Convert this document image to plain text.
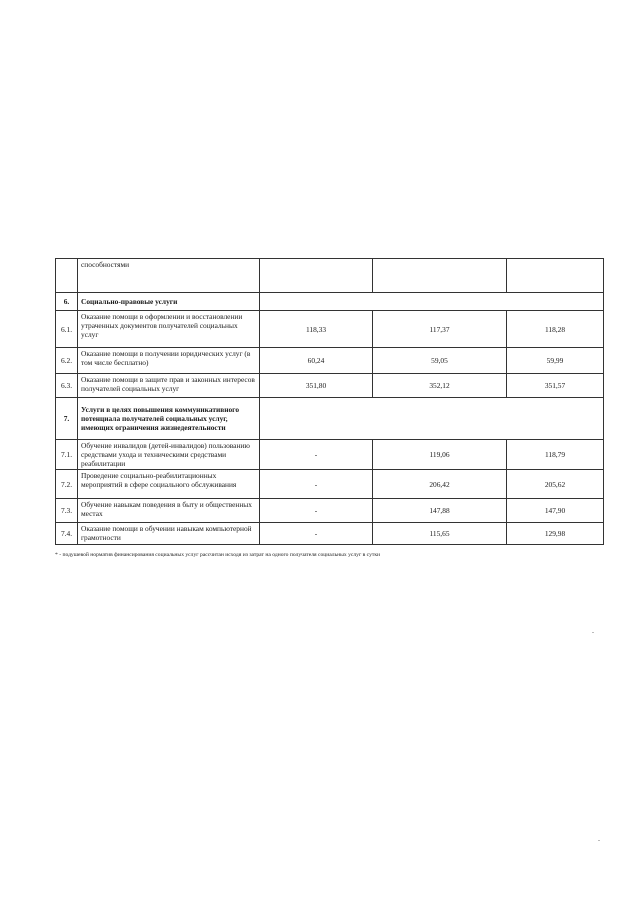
	способностями			
6.	Социально-правовые услуги			
6.1.	Оказание помощи в оформлении и восстановлении утраченных документов получателей социальных услуг	118,33	117,37	118,28
6.2.	Оказание помощи в получении юридических услуг (в том числе бесплатно)	60,24	59,05	59,99
6.3.	Оказание помощи в защите прав и законных интересов получателей социальных услуг	351,80	352,12	351,57
7.	Услуги в целях повышения коммуникативного потенциала получателей социальных услуг, имеющих ограничения жизнедеятельности			
7.1.	Обучение инвалидов (детей-инвалидов) пользованию средствами ухода и техническими средствами реабилитации	-	119,06	118,79
7.2.	Проведение социально-реабилитационных мероприятий в сфере социального обслуживания	-	206,42	205,62
7.3.	Обучение навыкам поведения в быту и общественных местах	-	147,88	147,90
7.4.	Оказание помощи в обучении навыкам компьютерной грамотности	-	115,65	129,98
* - подушевой норматив финансирования социальных услуг рассчитан исходя из затрат на одного получателя социальных услуг в сутки
